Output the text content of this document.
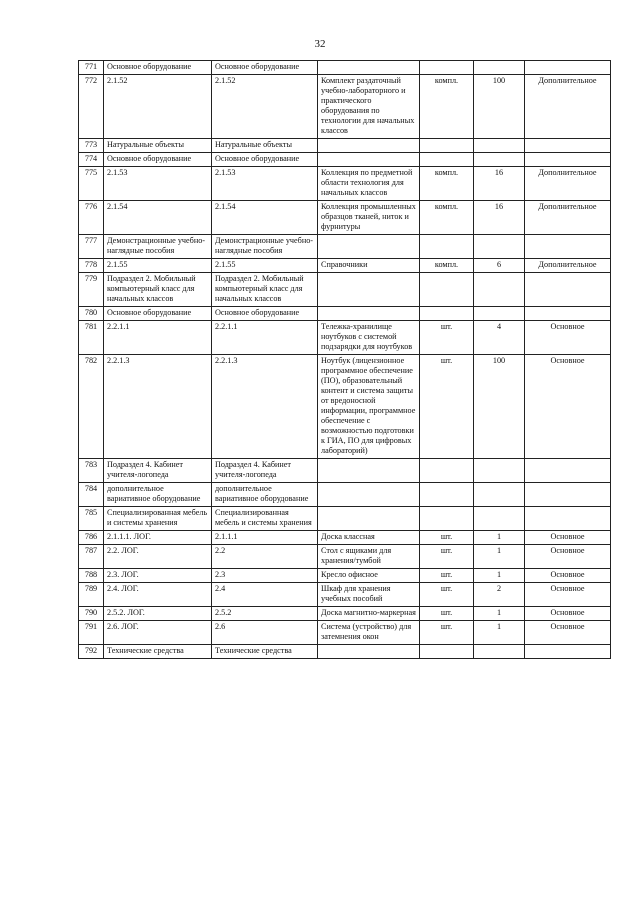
32
771	Основное оборудование	Основное оборудование				
772	2.1.52	2.1.52	Комплект раздаточный учебно-лабораторного и практического оборудования по технологии для начальных классов	компл.	100	Дополнительное
773	Натуральные объекты	Натуральные объекты				
774	Основное оборудование	Основное оборудование				
775	2.1.53	2.1.53	Коллекция по предметной области технология для начальных классов	компл.	16	Дополнительное
776	2.1.54	2.1.54	Коллекция промышленных образцов тканей, ниток и фурнитуры	компл.	16	Дополнительное
777	Демонстрационные учебно-наглядные пособия	Демонстрационные учебно-наглядные пособия				
778	2.1.55	2.1.55	Справочники	компл.	6	Дополнительное
779	Подраздел 2. Мобильный компьютерный класс для начальных классов	Подраздел 2. Мобильный компьютерный класс для начальных классов				
780	Основное оборудование	Основное оборудование				
781	2.2.1.1	2.2.1.1	Тележка-хранилище ноутбуков с системой подзарядки для ноутбуков	шт.	4	Основное
782	2.2.1.3	2.2.1.3	Ноутбук (лицензионное программное обеспечение (ПО), образовательный контент и система защиты от вредоносной информации, программное обеспечение с возможностью подготовки к ГИА, ПО для цифровых лабораторий)	шт.	100	Основное
783	Подраздел 4. Кабинет учителя-логопеда	Подраздел 4. Кабинет учителя-логопеда				
784	дополнительное вариативное оборудование	дополнительное вариативное оборудование				
785	Специализированная мебель и системы хранения	Специализированная мебель и системы хранения				
786	2.1.1.1. ЛОГ.	2.1.1.1	Доска классная	шт.	1	Основное
787	2.2. ЛОГ.	2.2	Стол с ящиками для хранения/тумбой	шт.	1	Основное
788	2.3. ЛОГ.	2.3	Кресло офисное	шт.	1	Основное
789	2.4. ЛОГ.	2.4	Шкаф для хранения учебных пособий	шт.	2	Основное
790	2.5.2. ЛОГ.	2.5.2	Доска магнитно-маркерная	шт.	1	Основное
791	2.6. ЛОГ.	2.6	Система (устройство) для затемнения окон	шт.	1	Основное
792	Технические средства	Технические средства				
